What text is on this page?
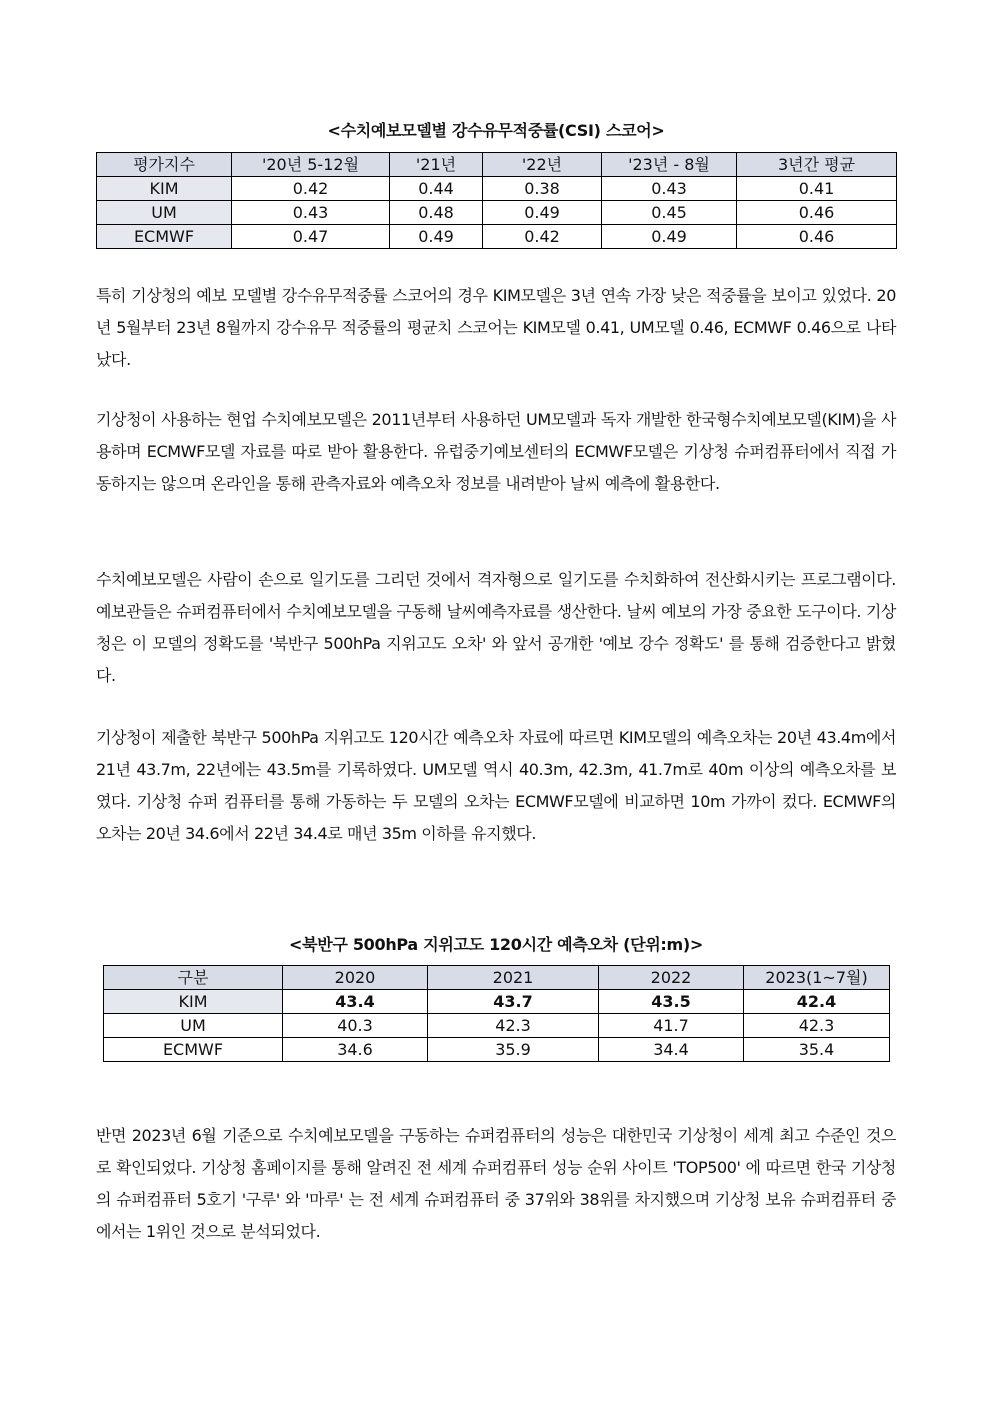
<수치예보모델별 강수유무적중률(CSI) 스코어>
평가지수	'20년 5-12월	'21년	'22년	'23년 - 8월	3년간 평균
KIM	0.42	0.44	0.38	0.43	0.41
UM	0.43	0.48	0.49	0.45	0.46
ECMWF	0.47	0.49	0.42	0.49	0.46

특히 기상청의 예보 모델별 강수유무적중률 스코어의 경우 KIM모델은 3년 연속 가장 낮은 적중률을 보이고 있었다. 20년 5월부터 23년 8월까지 강수유무 적중률의 평균치 스코어는 KIM모델 0.41, UM모델 0.46, ECMWF 0.46으로 나타났다.

기상청이 사용하는 현업 수치예보모델은 2011년부터 사용하던 UM모델과 독자 개발한 한국형수치예보모델(KIM)을 사용하며 ECMWF모델 자료를 따로 받아 활용한다. 유럽중기예보센터의 ECMWF모델은 기상청 슈퍼컴퓨터에서 직접 가동하지는 않으며 온라인을 통해 관측자료와 예측오차 정보를 내려받아 날씨 예측에 활용한다.

수치예보모델은 사람이 손으로 일기도를 그리던 것에서 격자형으로 일기도를 수치화하여 전산화시키는 프로그램이다. 예보관들은 슈퍼컴퓨터에서 수치예보모델을 구동해 날씨예측자료를 생산한다. 날씨 예보의 가장 중요한 도구이다. 기상청은 이 모델의 정확도를 '북반구 500hPa 지위고도 오차' 와 앞서 공개한 '예보 강수 정확도' 를 통해 검증한다고 밝혔다.

기상청이 제출한 북반구 500hPa 지위고도 120시간 예측오차 자료에 따르면 KIM모델의 예측오차는 20년 43.4m에서 21년 43.7m, 22년에는 43.5m를 기록하였다. UM모델 역시 40.3m, 42.3m, 41.7m로 40m 이상의 예측오차를 보였다. 기상청 슈퍼 컴퓨터를 통해 가동하는 두 모델의 오차는 ECMWF모델에 비교하면 10m 가까이 컸다. ECMWF의 오차는 20년 34.6에서 22년 34.4로 매년 35m 이하를 유지했다.

<북반구 500hPa 지위고도 120시간 예측오차 (단위:m)>
구분	2020	2021	2022	2023(1~7월)
KIM	43.4	43.7	43.5	42.4
UM	40.3	42.3	41.7	42.3
ECMWF	34.6	35.9	34.4	35.4

반면 2023년 6월 기준으로 수치예보모델을 구동하는 슈퍼컴퓨터의 성능은 대한민국 기상청이 세계 최고 수준인 것으로 확인되었다. 기상청 홈페이지를 통해 알려진 전 세계 슈퍼컴퓨터 성능 순위 사이트 'TOP500' 에 따르면 한국 기상청의 슈퍼컴퓨터 5호기 '구루' 와 '마루' 는 전 세계 슈퍼컴퓨터 중 37위와 38위를 차지했으며 기상청 보유 슈퍼컴퓨터 중에서는 1위인 것으로 분석되었다.
